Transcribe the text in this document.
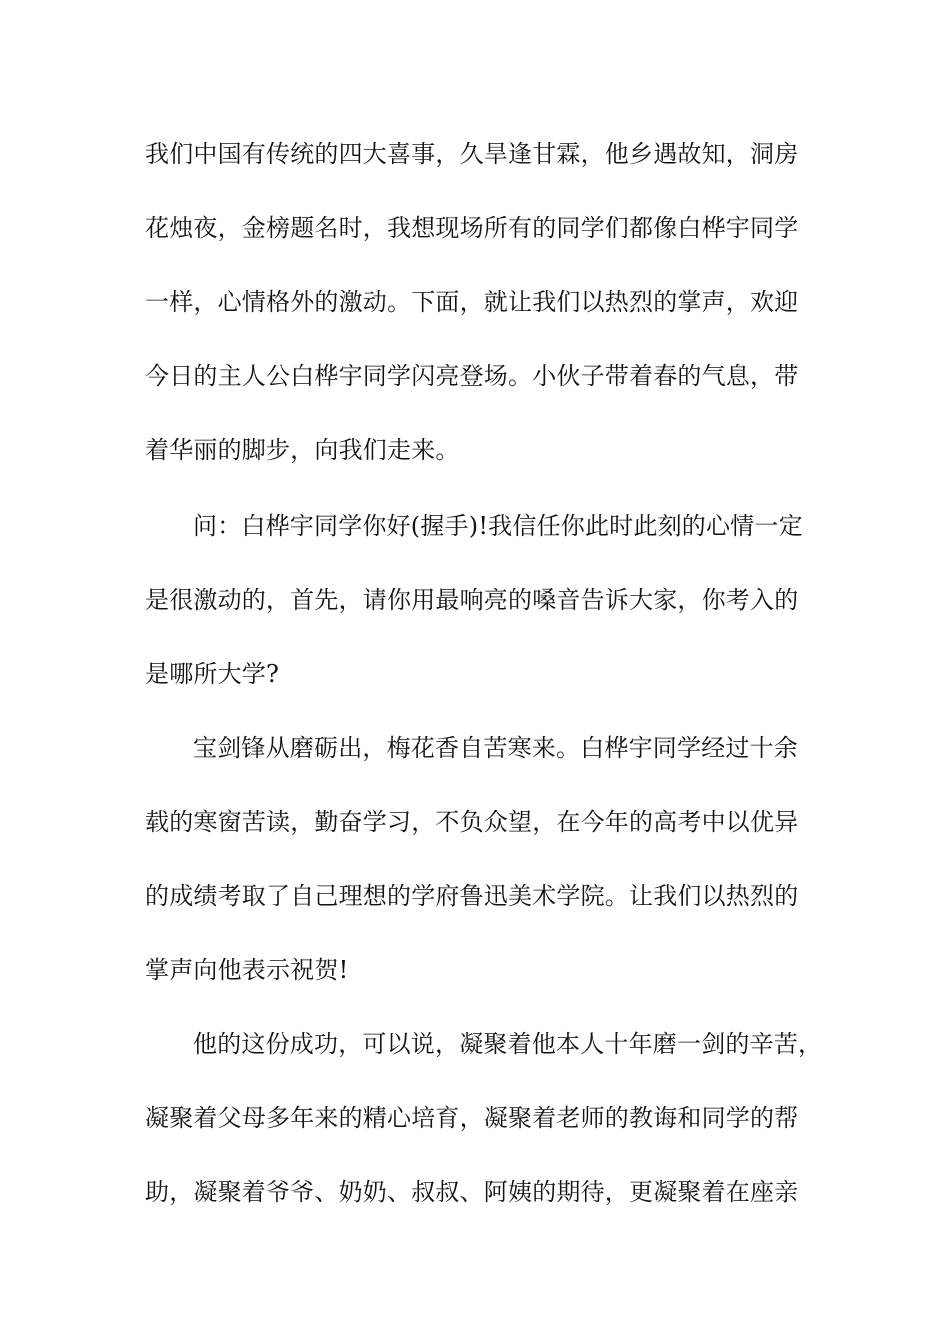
我们中国有传统的四大喜事，久旱逢甘霖，他乡遇故知，洞房
花烛夜，金榜题名时，我想现场所有的同学们都像白桦宇同学
一样，心情格外的激动。下面，就让我们以热烈的掌声，欢迎
今日的主人公白桦宇同学闪亮登场。小伙子带着春的气息，带
着华丽的脚步，向我们走来。
问：白桦宇同学你好(握手)!我信任你此时此刻的心情一定
是很激动的，首先，请你用最响亮的嗓音告诉大家，你考入的
是哪所大学?
宝剑锋从磨砺出，梅花香自苦寒来。白桦宇同学经过十余
载的寒窗苦读，勤奋学习，不负众望，在今年的高考中以优异
的成绩考取了自己理想的学府鲁迅美术学院。让我们以热烈的
掌声向他表示祝贺!
他的这份成功，可以说，凝聚着他本人十年磨一剑的辛苦，
凝聚着父母多年来的精心培育，凝聚着老师的教诲和同学的帮
助，凝聚着爷爷、奶奶、叔叔、阿姨的期待，更凝聚着在座亲
